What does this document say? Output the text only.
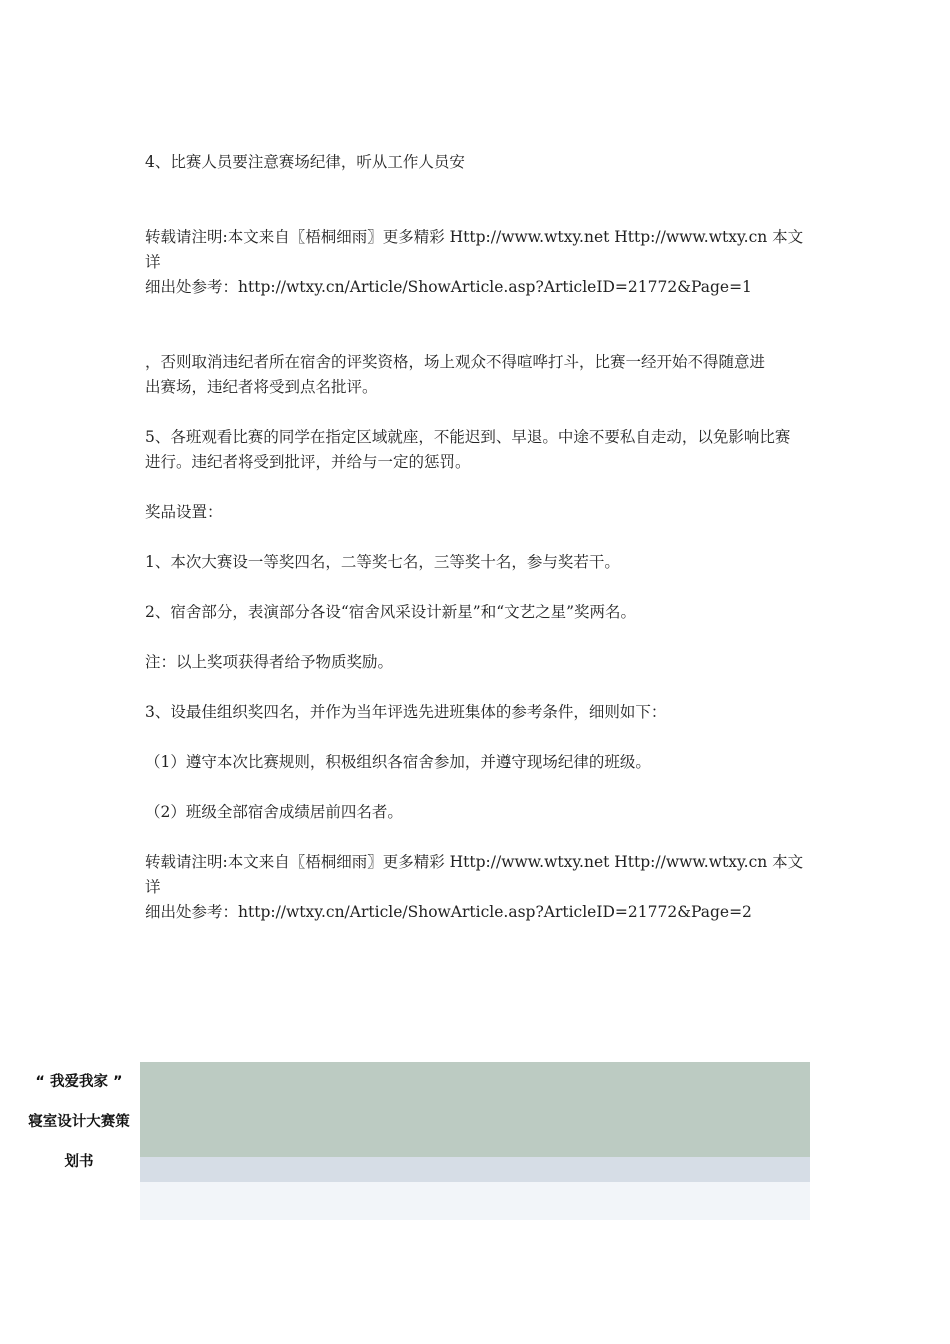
4、比赛人员要注意赛场纪律，听从工作人员安

转载请注明:本文来自〖梧桐细雨〗更多精彩 Http://www.wtxy.net Http://www.wtxy.cn 本文详
细出处参考：http://wtxy.cn/Article/ShowArticle.asp?ArticleID=21772&Page=1

，否则取消违纪者所在宿舍的评奖资格，场上观众不得喧哗打斗，比赛一经开始不得随意进
出赛场，违纪者将受到点名批评。

5、各班观看比赛的同学在指定区域就座，不能迟到、早退。中途不要私自走动，以免影响比赛
进行。违纪者将受到批评，并给与一定的惩罚。

奖品设置：

1、本次大赛设一等奖四名，二等奖七名，三等奖十名，参与奖若干。

2、宿舍部分，表演部分各设“宿舍风采设计新星”和“文艺之星”奖两名。

注：以上奖项获得者给予物质奖励。

3、设最佳组织奖四名，并作为当年评选先进班集体的参考条件，细则如下：

（1）遵守本次比赛规则，积极组织各宿舍参加，并遵守现场纪律的班级。

（2）班级全部宿舍成绩居前四名者。

转载请注明:本文来自〖梧桐细雨〗更多精彩 Http://www.wtxy.net Http://www.wtxy.cn 本文详
细出处参考：http://wtxy.cn/Article/ShowArticle.asp?ArticleID=21772&Page=2

“ 我爱我家 ”
寝室设计大赛策
划书
